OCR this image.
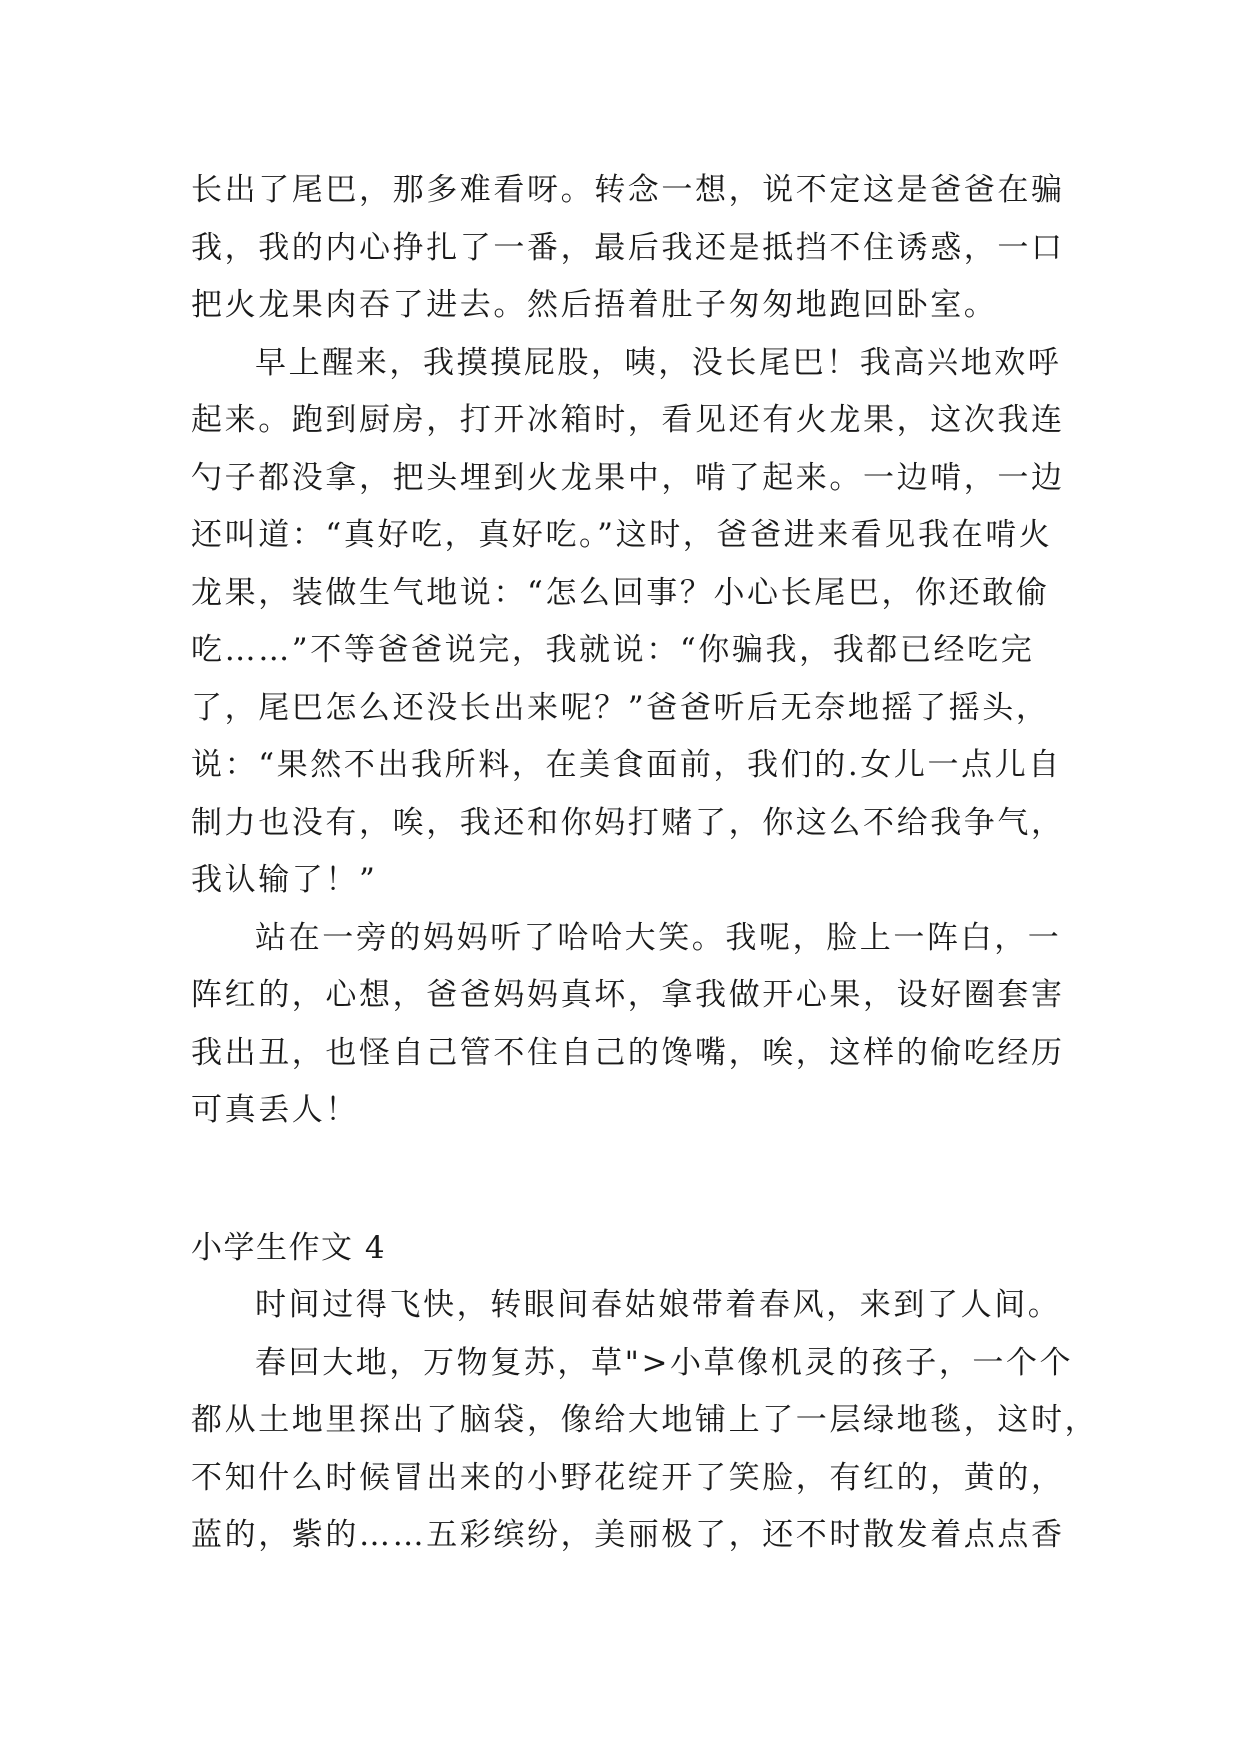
长出了尾巴，那多难看呀。转念一想，说不定这是爸爸在骗
我，我的内心挣扎了一番，最后我还是抵挡不住诱惑，一口
把火龙果肉吞了进去。然后捂着肚子匆匆地跑回卧室。
早上醒来，我摸摸屁股，咦，没长尾巴！我高兴地欢呼
起来。跑到厨房，打开冰箱时，看见还有火龙果，这次我连
勺子都没拿，把头埋到火龙果中，啃了起来。一边啃，一边
还叫道：“真好吃，真好吃。”这时，爸爸进来看见我在啃火
龙果，装做生气地说：“怎么回事？小心长尾巴，你还敢偷
吃……”不等爸爸说完，我就说：“你骗我，我都已经吃完
了，尾巴怎么还没长出来呢？”爸爸听后无奈地摇了摇头，
说：“果然不出我所料，在美食面前，我们的.女儿一点儿自
制力也没有，唉，我还和你妈打赌了，你这么不给我争气，
我认输了！”
站在一旁的妈妈听了哈哈大笑。我呢，脸上一阵白，一
阵红的，心想，爸爸妈妈真坏，拿我做开心果，设好圈套害
我出丑，也怪自己管不住自己的馋嘴，唉，这样的偷吃经历
可真丢人！
小学生作文 4
时间过得飞快，转眼间春姑娘带着春风，来到了人间。
春回大地，万物复苏，草">小草像机灵的孩子，一个个
都从土地里探出了脑袋，像给大地铺上了一层绿地毯，这时，
不知什么时候冒出来的小野花绽开了笑脸，有红的，黄的，
蓝的，紫的……五彩缤纷，美丽极了，还不时散发着点点香
